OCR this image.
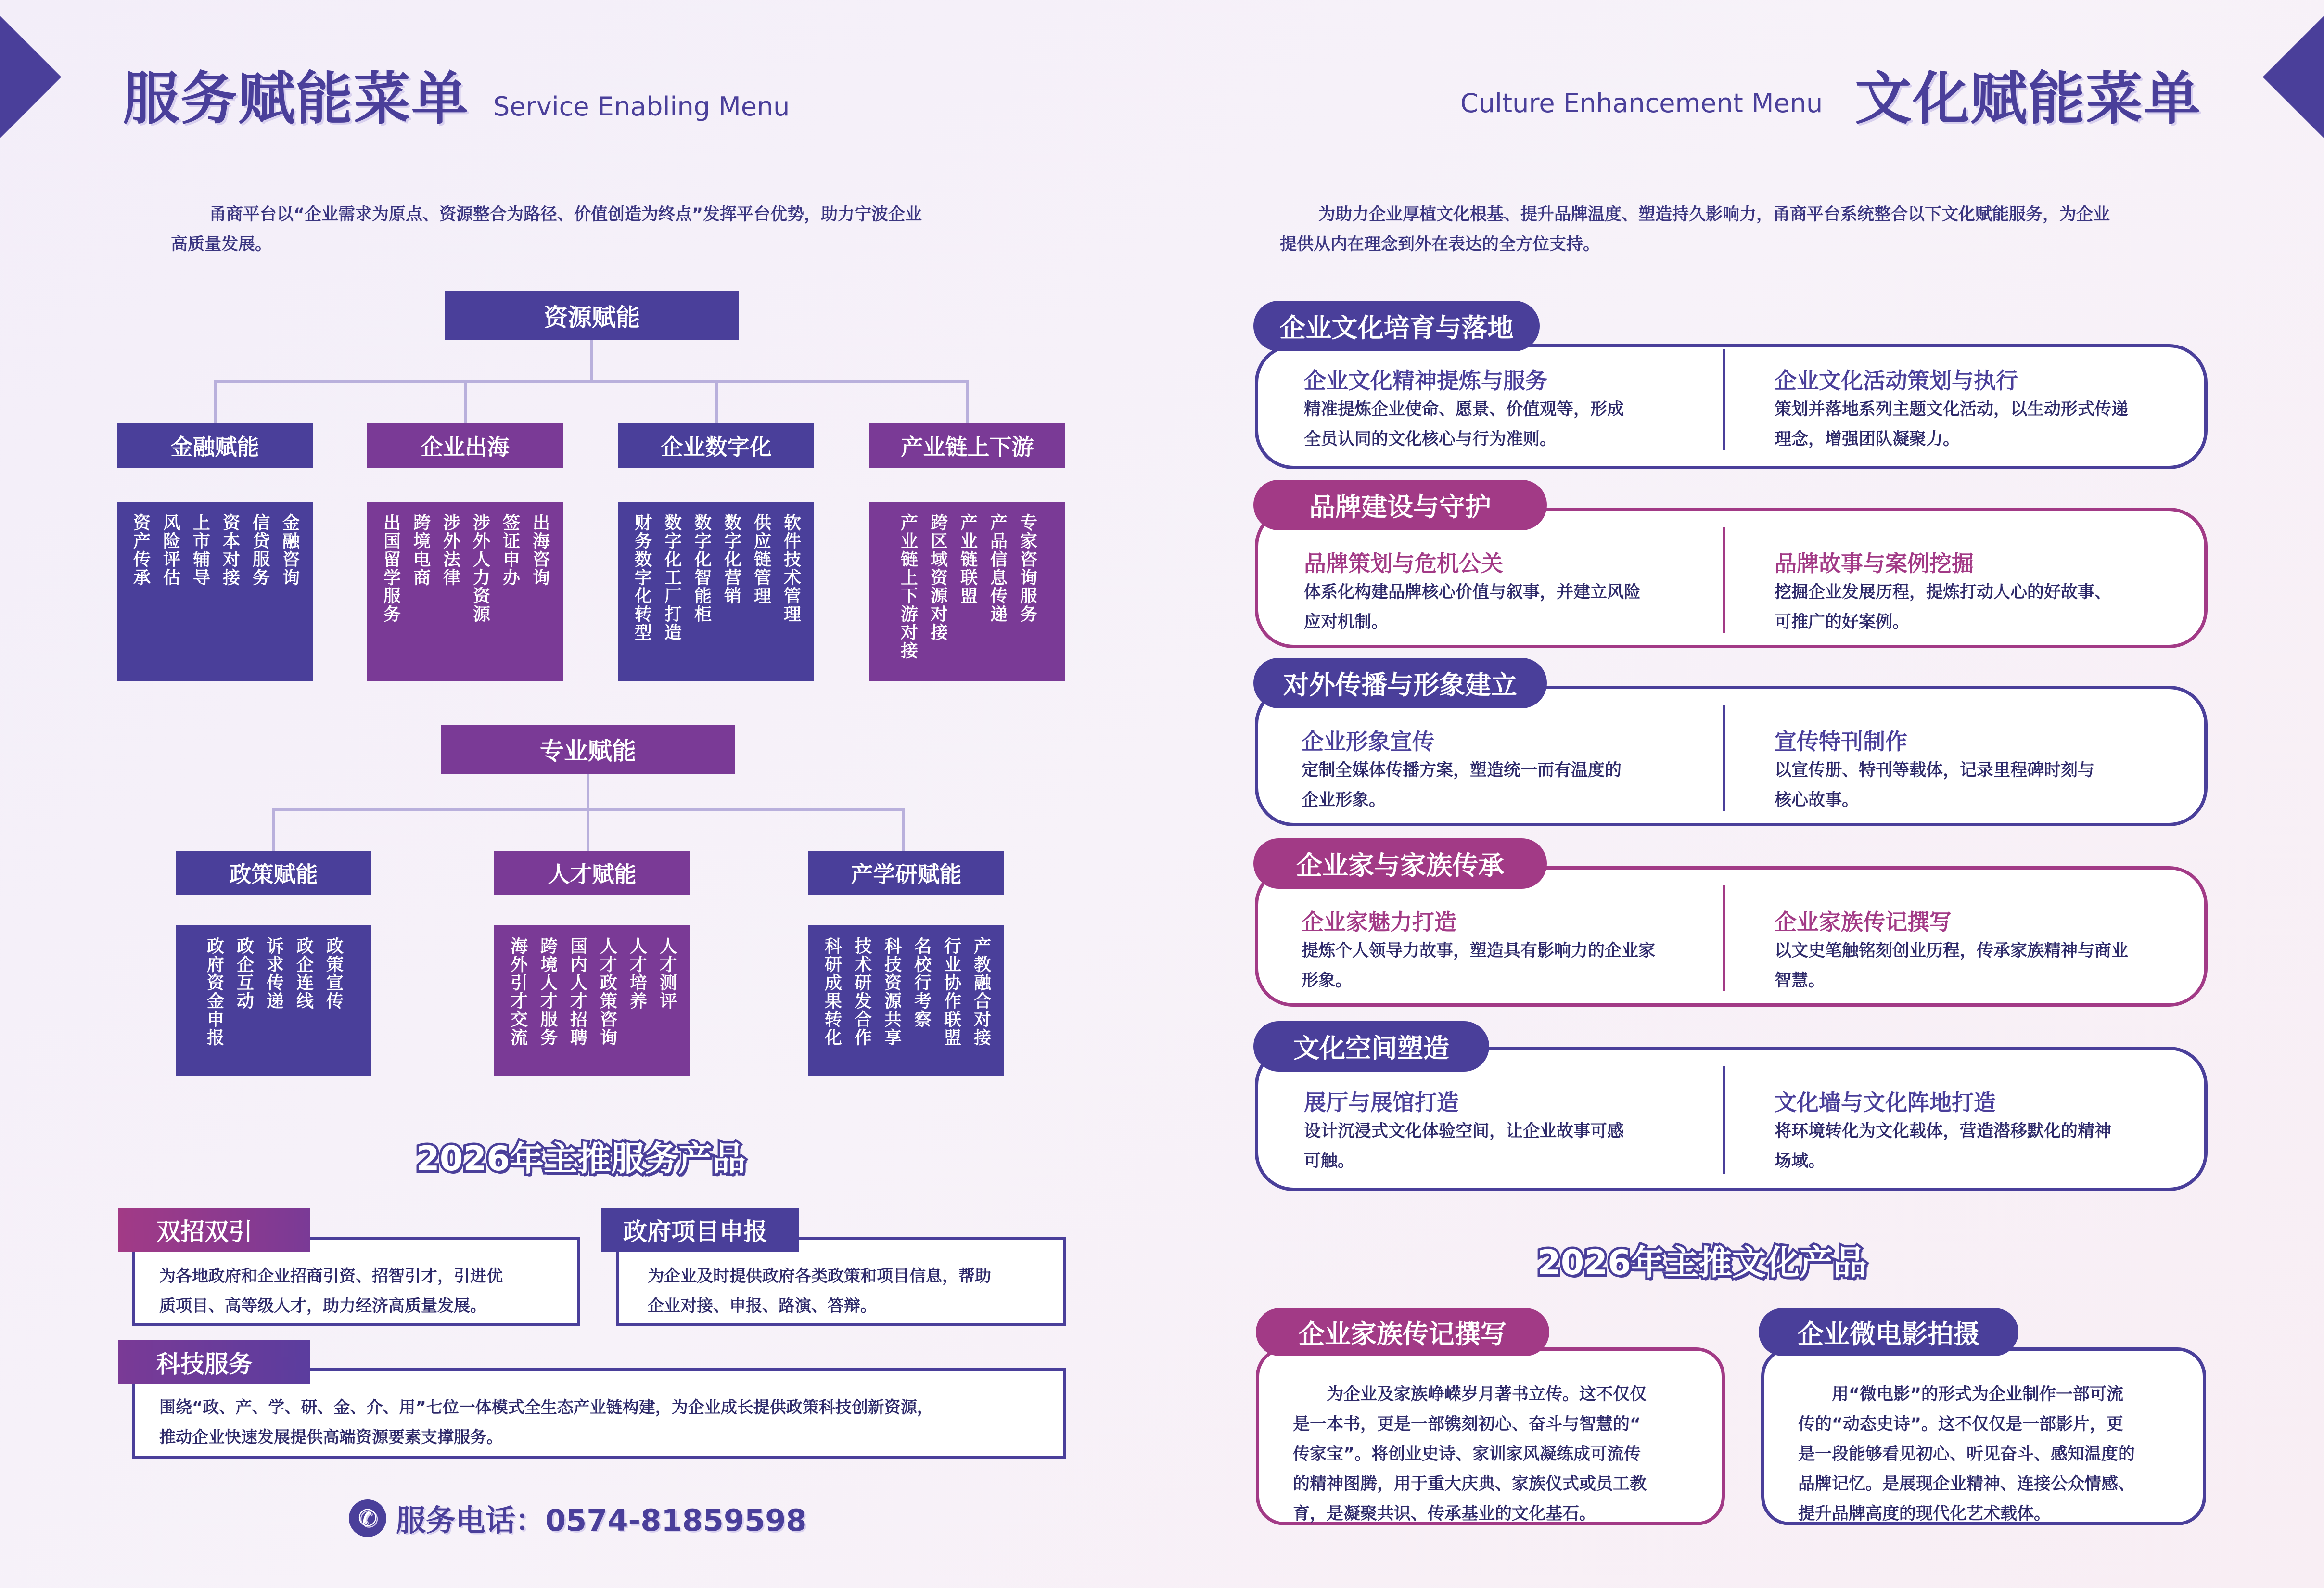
服务赋能菜单 Service Enabling Menu
甬商平台以“企业需求为原点、资源整合为路径、价值创造为终点”发挥平台优势，助力宁波企业
高质量发展。
资源赋能
金融赋能	企业出海	企业数字化	产业链上下游
金融咨询
信贷服务
资本对接
上市辅导
风险评估
资产传承	出海咨询
签证申办
涉外人力资源
涉外法律
跨境电商
出国留学服务	软件技术管理
供应链管理
数字化营销
数字化智能柜
数字化工厂打造
财务数字化转型	专家咨询服务
产品信息传递
产业链联盟
跨区域资源对接
产业链上下游对接
专业赋能
政策赋能	人才赋能	产学研赋能
政策宣传
政企连线
诉求传递
政企互动
政府资金申报	人才测评
人才培养
人才政策咨询
国内人才招聘
跨境人才服务
海外引才交流	产教融合对接
行业协作联盟
名校行考察
科技资源共享
技术研发合作
科研成果转化
2026年主推服务产品

为各地政府和企业招商引资、招智引才，引进优

质项目、高等级人才，助力经济高质量发展。

双招双引

为企业及时提供政府各类政策和项目信息，帮助

企业对接、申报、路演、答辩。

政府项目申报

围绕“政、产、学、研、金、介、用”七位一体模式全生态产业链构建，为企业成长提供政策科技创新资源，

推动企业快速发展提供高端资源要素支撑服务。

科技服务
✆ 服务电话：0574-81859598
Culture Enhancement Menu 文化赋能菜单
为助力企业厚植文化根基、提升品牌温度、塑造持久影响力，甬商平台系统整合以下文化赋能服务，为企业
提供从内在理念到外在表达的全方位支持。
企业文化培育与落地
企业文化精神提炼与服务
精准提炼企业使命、愿景、价值观等，形成
全员认同的文化核心与行为准则。
企业文化活动策划与执行
策划并落地系列主题文化活动，以生动形式传递
理念，增强团队凝聚力。
品牌建设与守护
品牌策划与危机公关
体系化构建品牌核心价值与叙事，并建立风险
应对机制。
品牌故事与案例挖掘
挖掘企业发展历程，提炼打动人心的好故事、
可推广的好案例。
对外传播与形象建立
企业形象宣传
定制全媒体传播方案，塑造统一而有温度的
企业形象。
宣传特刊制作
以宣传册、特刊等载体，记录里程碑时刻与
核心故事。
企业家与家族传承
企业家魅力打造
提炼个人领导力故事，塑造具有影响力的企业家
形象。
企业家族传记撰写
以文史笔触铭刻创业历程，传承家族精神与商业
智慧。
文化空间塑造
展厅与展馆打造
设计沉浸式文化体验空间，让企业故事可感
可触。
文化墙与文化阵地打造
将环境转化为文化载体，营造潜移默化的精神
场域。
2026年主推文化产品

为企业及家族峥嵘岁月著书立传。这不仅仅

是一本书，更是一部镌刻初心、奋斗与智慧的“

传家宝”。将创业史诗、家训家风凝练成可流传

的精神图腾，用于重大庆典、家族仪式或员工教

育，是凝聚共识、传承基业的文化基石。

企业家族传记撰写

用“微电影”的形式为企业制作一部可流

传的“动态史诗”。这不仅仅是一部影片，更

是一段能够看见初心、听见奋斗、感知温度的

品牌记忆。是展现企业精神、连接公众情感、

提升品牌高度的现代化艺术载体。

企业微电影拍摄
